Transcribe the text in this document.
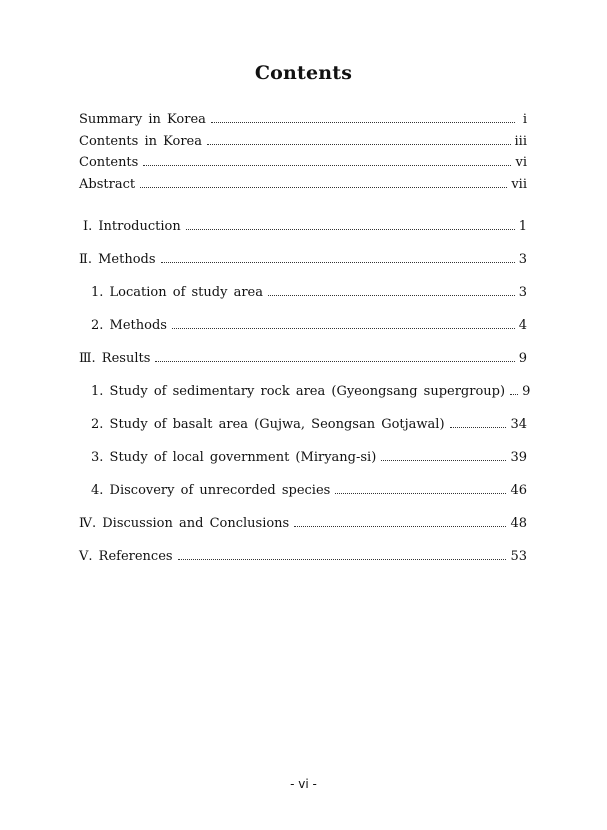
Contents
Summary in Korea	i
Contents in Korea	iii
Contents	vi
Abstract	vii
Ⅰ. Introduction	1
Ⅱ. Methods	3
1. Location of study area	3
2. Methods	4
Ⅲ. Results	9
1. Study of sedimentary rock area (Gyeongsang supergroup) 9
2. Study of basalt area (Gujwa, Seongsan Gotjawal)	34
3. Study of local government (Miryang-si)	39
4. Discovery of unrecorded species	46
Ⅳ. Discussion and Conclusions	48
Ⅴ. References	53
- vi -
